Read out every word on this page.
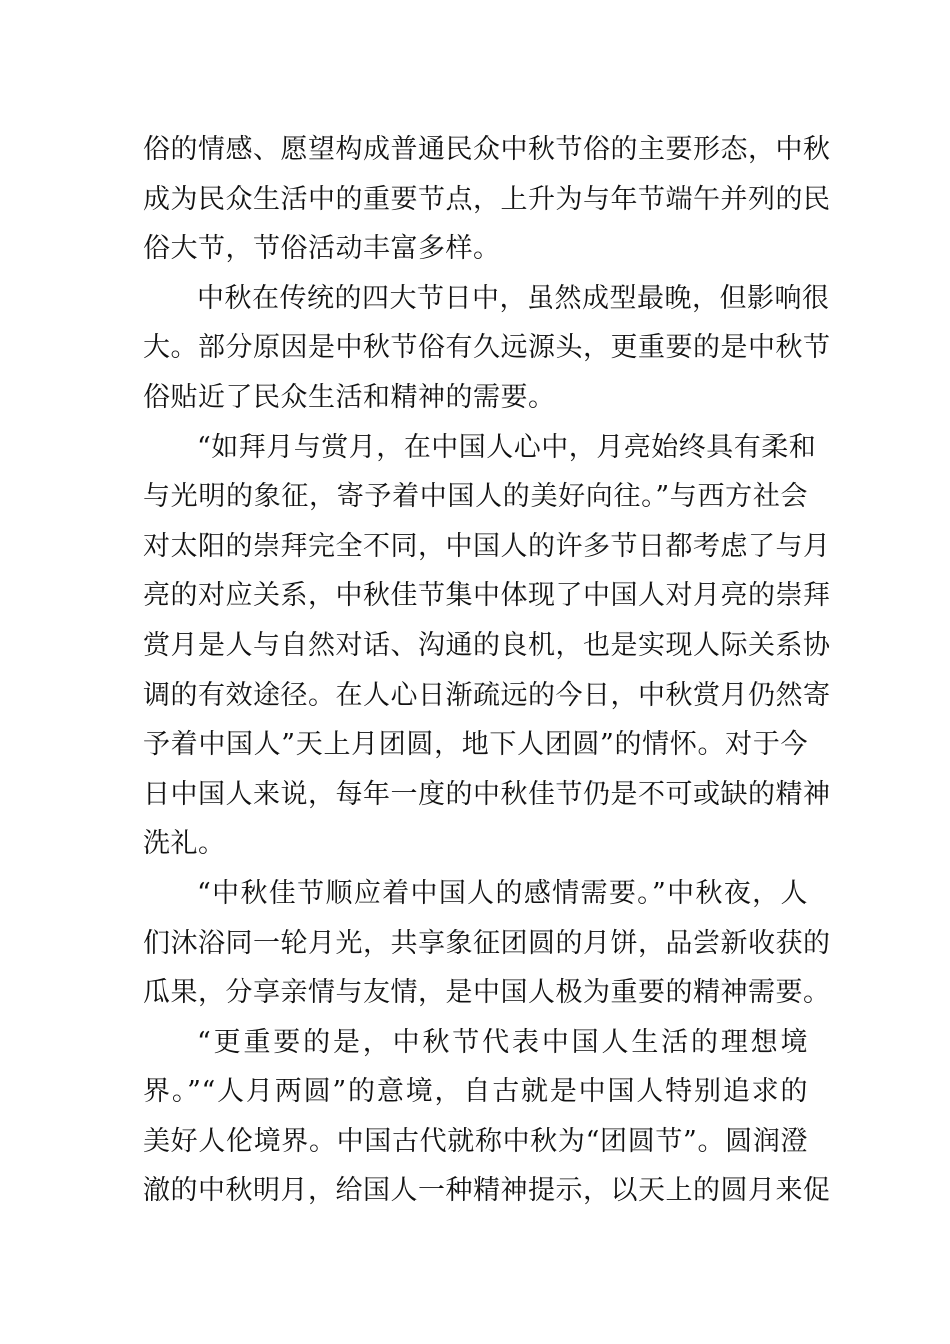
俗的情感、愿望构成普通民众中秋节俗的主要形态，中秋
成为民众生活中的重要节点，上升为与年节端午并列的民
俗大节，节俗活动丰富多样。
中秋在传统的四大节日中，虽然成型最晚，但影响很
大。部分原因是中秋节俗有久远源头，更重要的是中秋节
俗贴近了民众生活和精神的需要。
“如拜月与赏月，在中国人心中，月亮始终具有柔和
与光明的象征，寄予着中国人的美好向往。”与西方社会
对太阳的崇拜完全不同，中国人的许多节日都考虑了与月
亮的对应关系，中秋佳节集中体现了中国人对月亮的崇拜
赏月是人与自然对话、沟通的良机，也是实现人际关系协
调的有效途径。在人心日渐疏远的今日，中秋赏月仍然寄
予着中国人”天上月团圆，地下人团圆”的情怀。对于今
日中国人来说，每年一度的中秋佳节仍是不可或缺的精神
洗礼。
“中秋佳节顺应着中国人的感情需要。”中秋夜，人
们沐浴同一轮月光，共享象征团圆的月饼，品尝新收获的
瓜果，分享亲情与友情，是中国人极为重要的精神需要。
“更重要的是，中秋节代表中国人生活的理想境
界。”“人月两圆”的意境，自古就是中国人特别追求的
美好人伦境界。中国古代就称中秋为“团圆节”。圆润澄
澈的中秋明月，给国人一种精神提示，以天上的圆月来促
